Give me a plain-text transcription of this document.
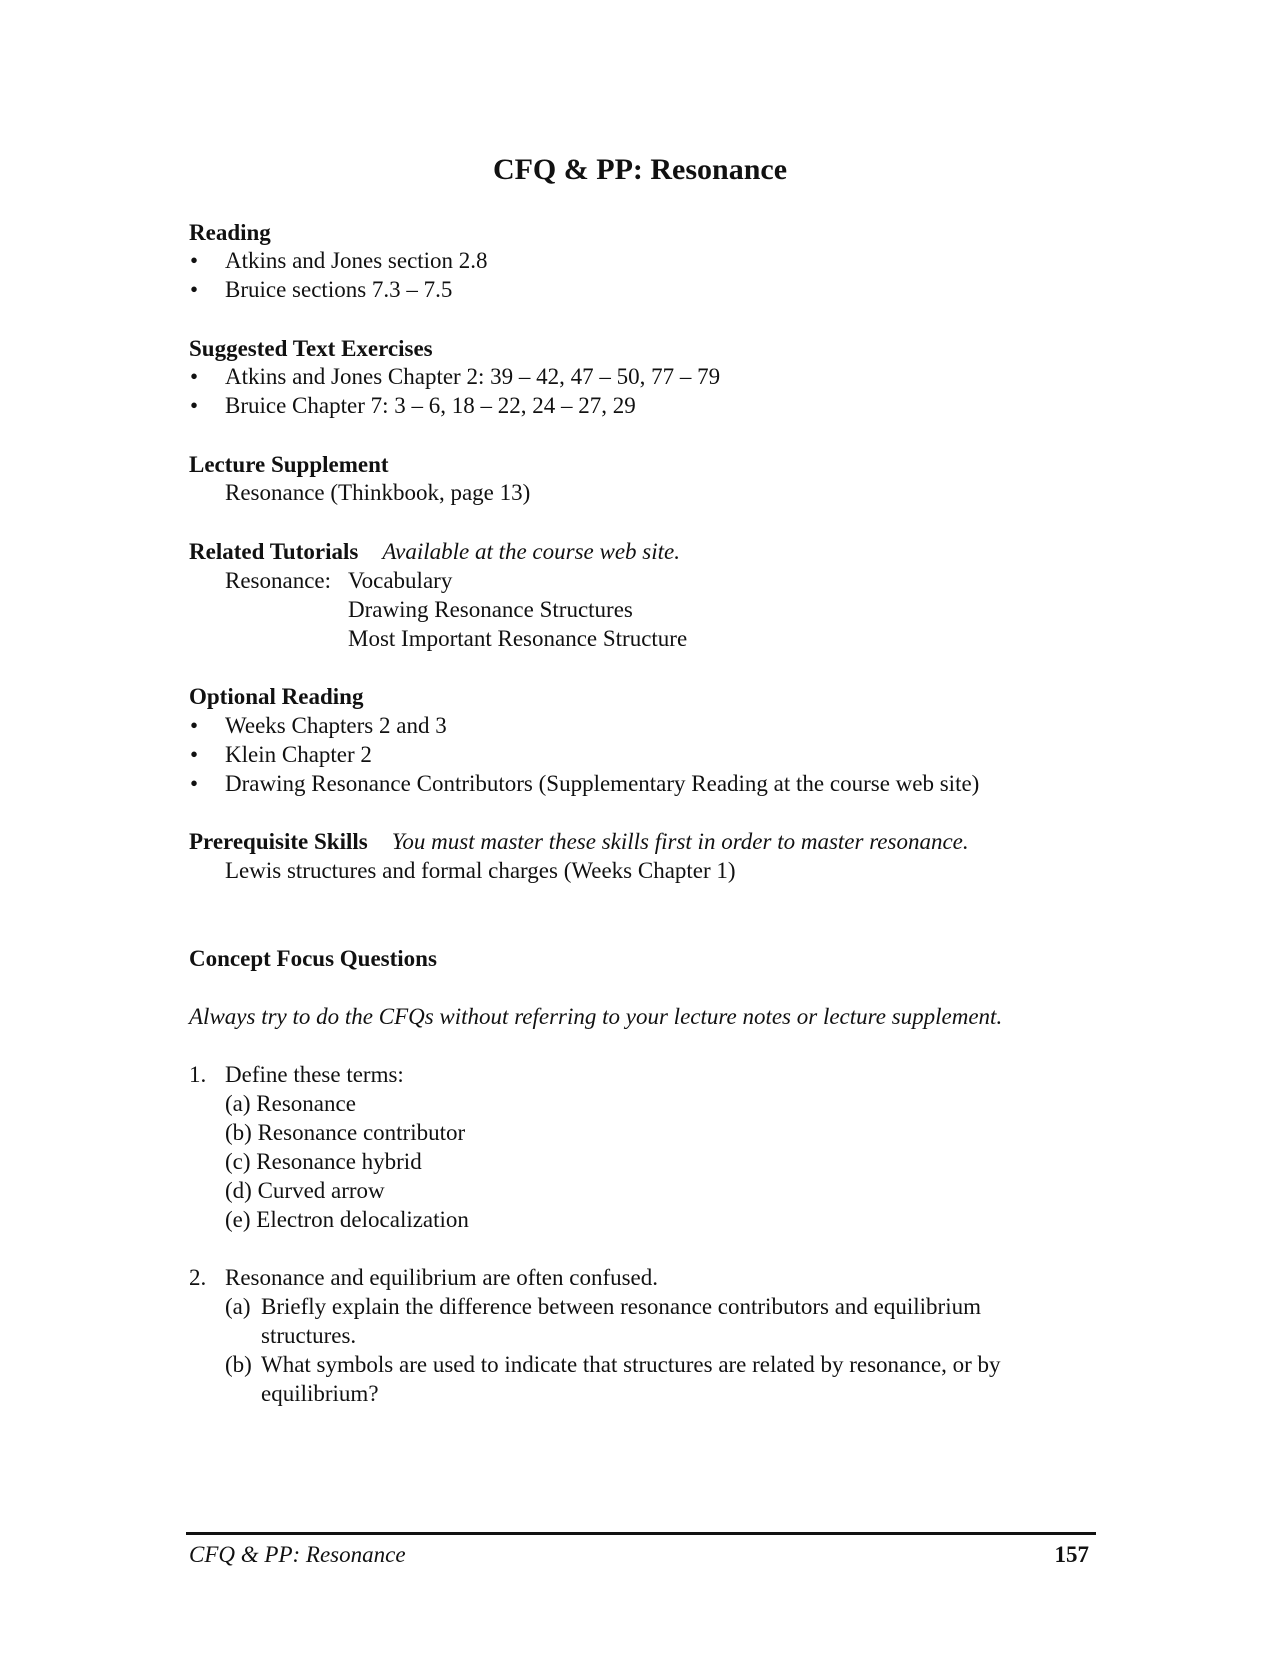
CFQ & PP: Resonance
Reading
• Atkins and Jones section 2.8
• Bruice sections 7.3 – 7.5
Suggested Text Exercises
• Atkins and Jones Chapter 2: 39 – 42, 47 – 50, 77 – 79
• Bruice Chapter 7: 3 – 6, 18 – 22, 24 – 27, 29
Lecture Supplement
Resonance (Thinkbook, page 13)
Related Tutorials Available at the course web site.
Resonance: Vocabulary
Drawing Resonance Structures
Most Important Resonance Structure
Optional Reading
• Weeks Chapters 2 and 3
• Klein Chapter 2
• Drawing Resonance Contributors (Supplementary Reading at the course web site)
Prerequisite Skills You must master these skills first in order to master resonance.
Lewis structures and formal charges (Weeks Chapter 1)
Concept Focus Questions
Always try to do the CFQs without referring to your lecture notes or lecture supplement.
1. Define these terms:
(a) Resonance
(b) Resonance contributor
(c) Resonance hybrid
(d) Curved arrow
(e) Electron delocalization
2. Resonance and equilibrium are often confused.
(a) Briefly explain the difference between resonance contributors and equilibrium
structures.
(b) What symbols are used to indicate that structures are related by resonance, or by
equilibrium?
CFQ & PP: Resonance	157
